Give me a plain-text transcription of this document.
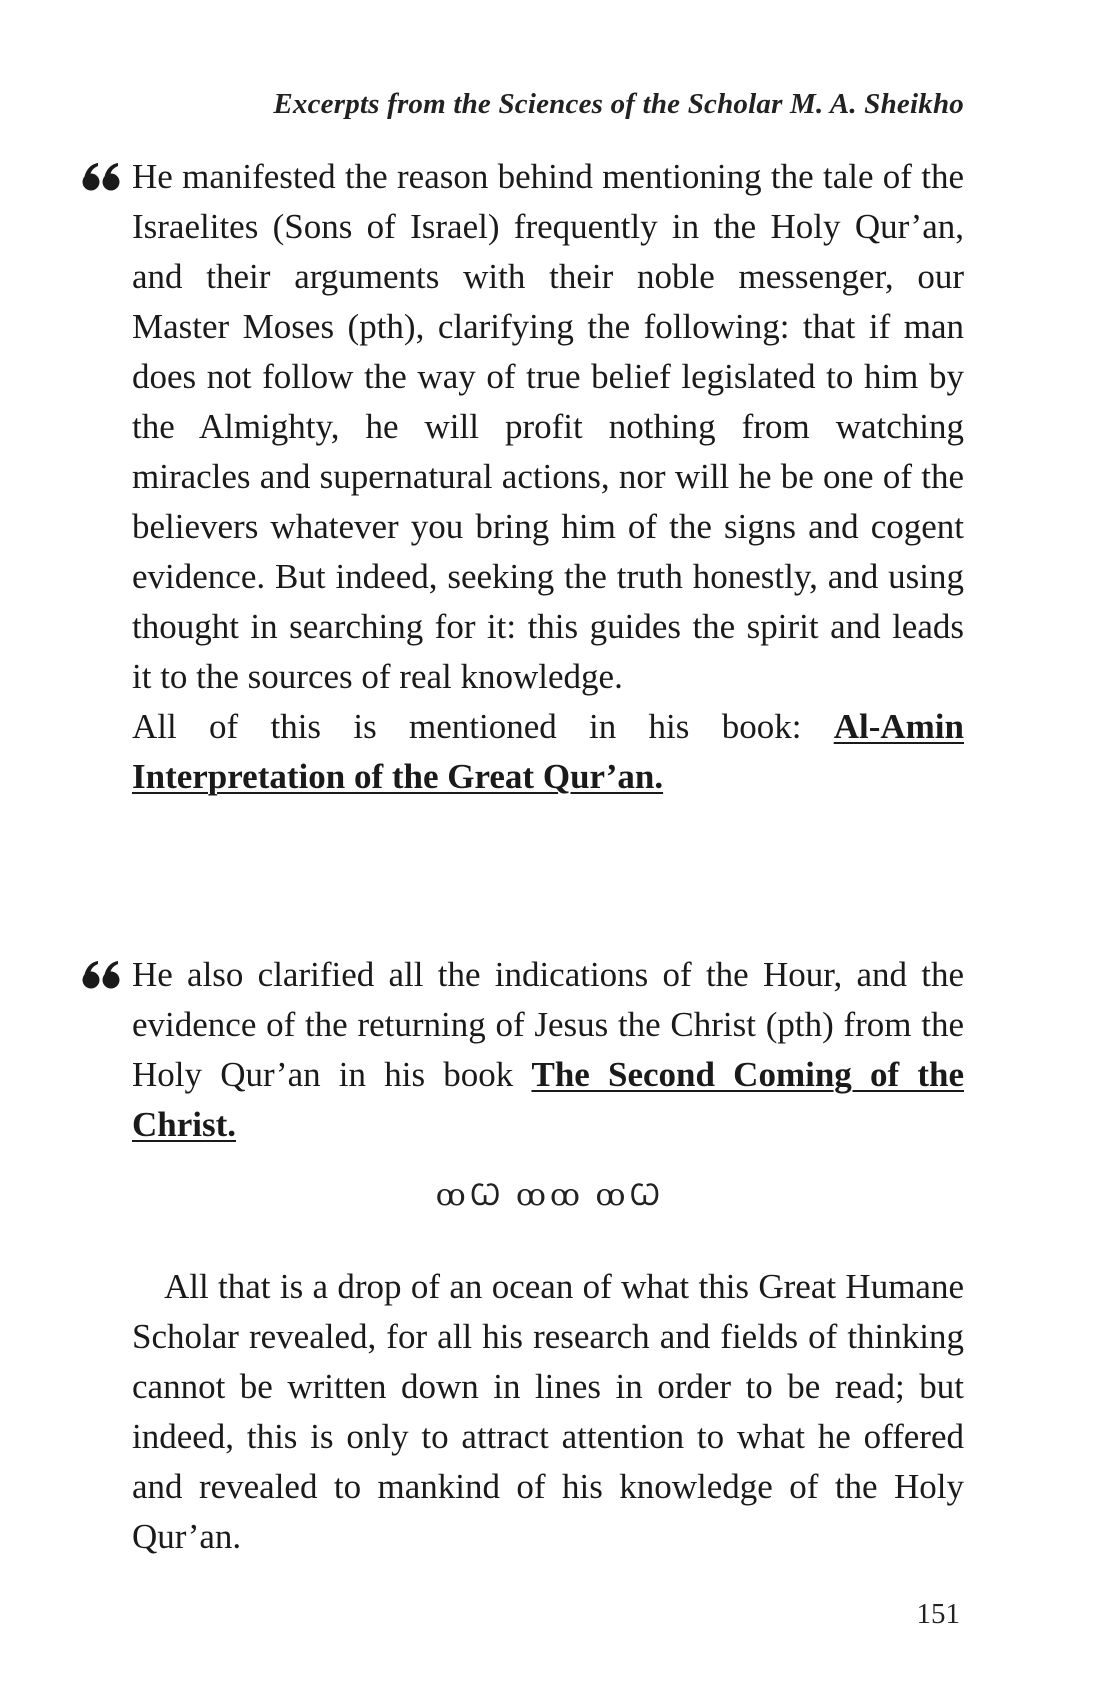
Excerpts from the Sciences of the Scholar M. A. Sheikho

He manifested the reason behind mentioning the tale of the Israelites (Sons of Israel) frequently in the Holy Qur’an, and their arguments with their noble messenger, our Master Moses (pth), clarifying the following: that if man does not follow the way of true belief legislated to him by the Almighty, he will profit nothing from watching miracles and supernatural actions, nor will he be one of the believers whatever you bring him of the signs and cogent evidence. But indeed, seeking the truth honestly, and using thought in searching for it: this guides the spirit and leads it to the sources of real knowledge.

All of this is mentioned in his book: Al-Amin Interpretation of the Great Qur’an.

He also clarified all the indications of the Hour, and the evidence of the returning of Jesus the Christ (pth) from the Holy Qur’an in his book The Second Coming of the Christ.

ꝏꞶ ꝏꝏ ꝏꞶ
All that is a drop of an ocean of what this Great Humane Scholar revealed, for all his research and fields of thinking cannot be written down in lines in order to be read; but indeed, this is only to attract attention to what he offered and revealed to mankind of his knowledge of the Holy Qur’an.
151
